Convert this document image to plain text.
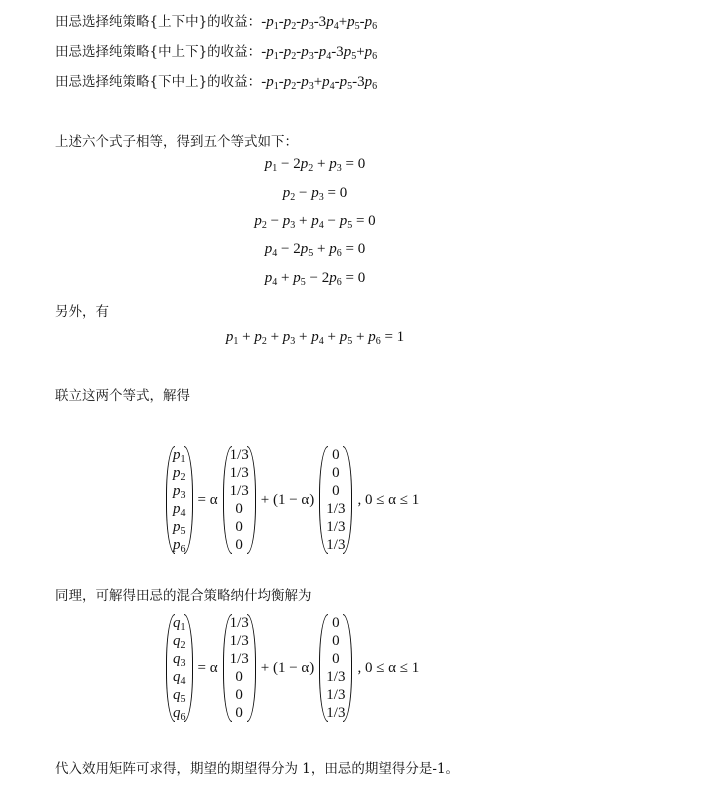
田忌选择纯策略{上下中}的收益：$-p_1-p_2-p_3-3p_4+p_5-p_6$
田忌选择纯策略{中上下}的收益：$-p_1-p_2-p_3-p_4-3p_5+p_6$
田忌选择纯策略{下中上}的收益：$-p_1-p_2-p_3+p_4-p_5-3p_6$
上述六个式子相等，得到五个等式如下：
$p_1 - 2p_2 + p_3 = 0$
$p_2 - p_3 = 0$
$p_2 - p_3 + p_4 - p_5 = 0$
$p_4 - 2p_5 + p_6 = 0$
$p_4 + p_5 - 2p_6 = 0$
另外，有
$p_1 + p_2 + p_3 + p_4 + p_5 + p_6 = 1$
联立这两个等式，解得
$p_1$
$p_2$
$p_3$
$p_4$
$p_5$
$p_6$
= α
1/3
1/3
1/3
0
0
0
+ (1 − α)
0
0
0
1/3
1/3
1/3
, 0 ≤ α ≤ 1
同理，可解得田忌的混合策略纳什均衡解为
$q_1$
$q_2$
$q_3$
$q_4$
$q_5$
$q_6$
= α
1/3
1/3
1/3
0
0
0
+ (1 − α)
0
0
0
1/3
1/3
1/3
, 0 ≤ α ≤ 1
代入效用矩阵可求得，期望的期望得分为 1，田忌的期望得分是-1。
